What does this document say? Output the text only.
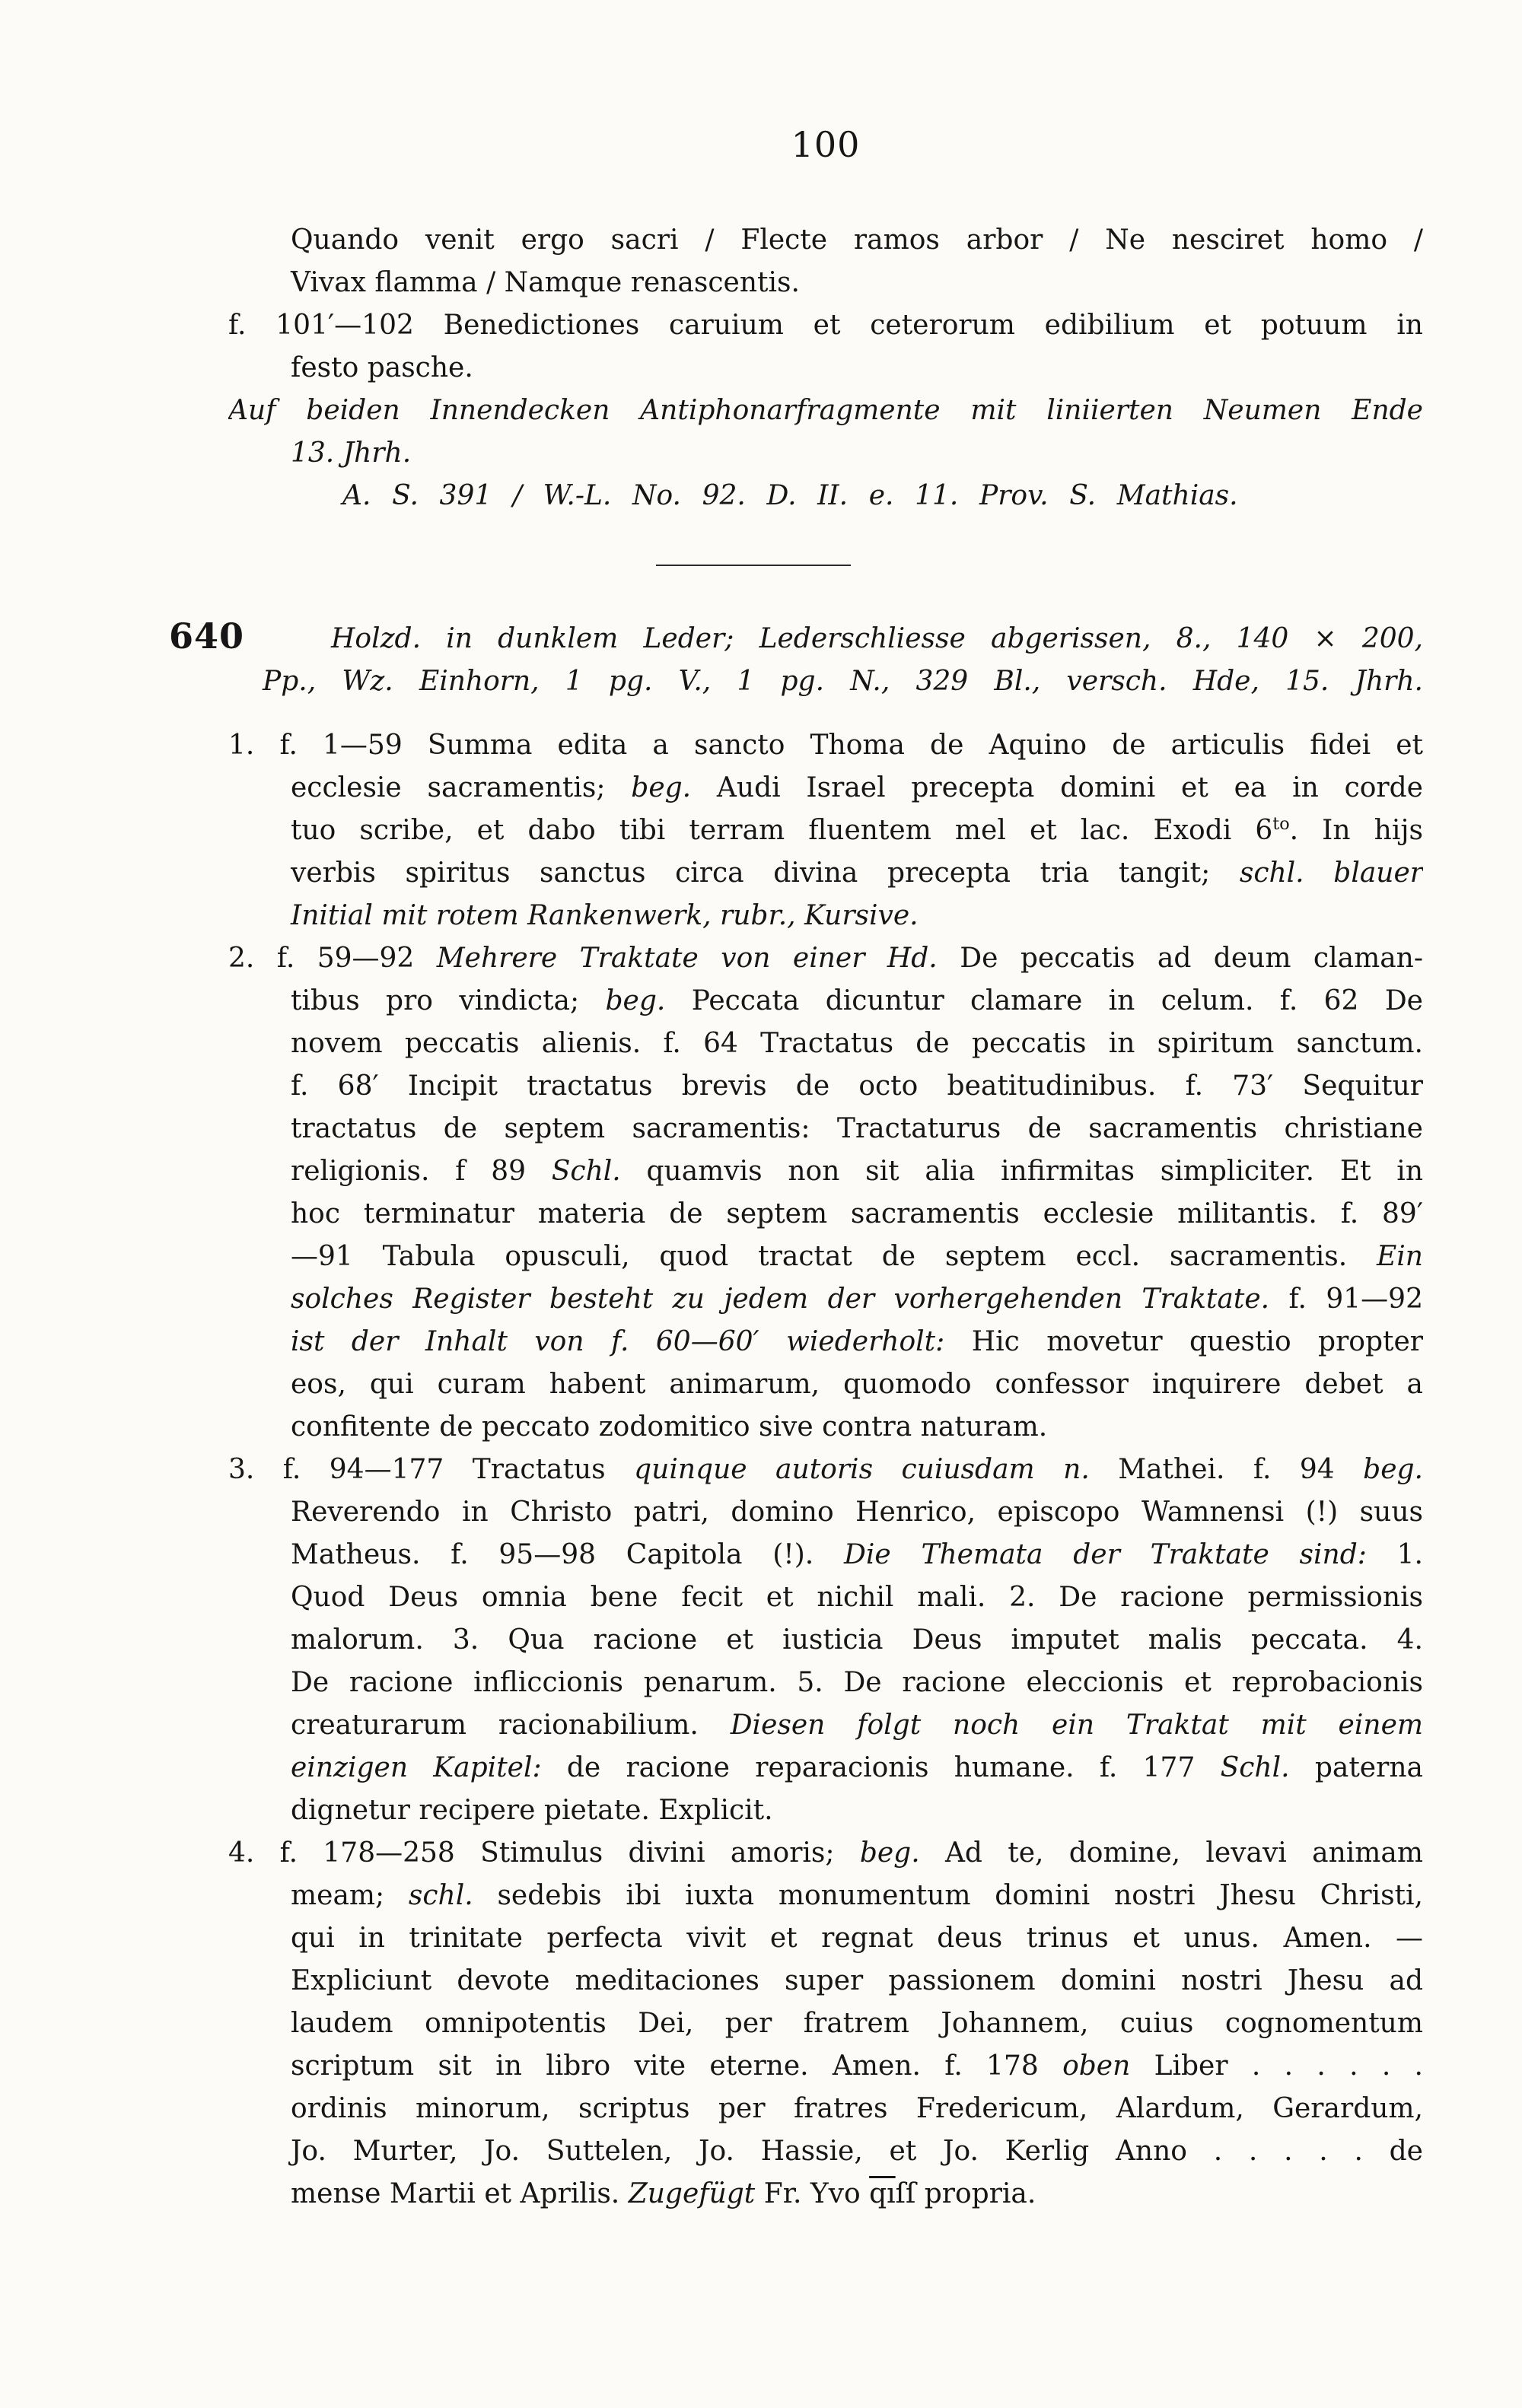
100
Quando venit ergo sacri / Flecte ramos arbor / Ne nesciret homo /
Vivax flamma / Namque renascentis.
f. 101′—102 Benedictiones caruium et ceterorum edibilium et potuum in
festo pasche.
Auf beiden Innendecken Antiphonarfragmente mit liniierten Neumen Ende
13. Jhrh.
A. S. 391 / W.-L. No. 92. D. II. e. 11. Prov. S. Mathias.
640	Holzd. in dunklem Leder; Lederschliesse abgerissen, 8., 140 × 200,
Pp., Wz. Einhorn, 1 pg. V., 1 pg. N., 329 Bl., versch. Hde, 15. Jhrh.
1. f. 1—59 Summa edita a sancto Thoma de Aquino de articulis fidei et
ecclesie sacramentis; beg. Audi Israel precepta domini et ea in corde
tuo scribe, et dabo tibi terram fluentem mel et lac. Exodi $6^{to}$. In hijs
verbis spiritus sanctus circa divina precepta tria tangit; schl. blauer
Initial mit rotem Rankenwerk, rubr., Kursive.
2. f. 59—92 Mehrere Traktate von einer Hd. De peccatis ad deum claman-
tibus pro vindicta; beg. Peccata dicuntur clamare in celum. f. 62 De
novem peccatis alienis. f. 64 Tractatus de peccatis in spiritum sanctum.
f. 68′ Incipit tractatus brevis de octo beatitudinibus. f. 73′ Sequitur
tractatus de septem sacramentis: Tractaturus de sacramentis christiane
religionis. f 89 Schl. quamvis non sit alia infirmitas simpliciter. Et in
hoc terminatur materia de septem sacramentis ecclesie militantis. f. 89′
—91 Tabula opusculi, quod tractat de septem eccl. sacramentis. Ein
solches Register besteht zu jedem der vorhergehenden Traktate. f. 91—92
ist der Inhalt von f. 60—60′ wiederholt: Hic movetur questio propter
eos, qui curam habent animarum, quomodo confessor inquirere debet a
confitente de peccato zodomitico sive contra naturam.
3. f. 94—177 Tractatus quinque autoris cuiusdam n. Mathei. f. 94 beg.
Reverendo in Christo patri, domino Henrico, episcopo Wamnensi (!) suus
Matheus. f. 95—98 Capitola (!). Die Themata der Traktate sind: 1.
Quod Deus omnia bene fecit et nichil mali. 2. De racione permissionis
malorum. 3. Qua racione et iusticia Deus imputet malis peccata. 4.
De racione infliccionis penarum. 5. De racione eleccionis et reprobacionis
creaturarum racionabilium. Diesen folgt noch ein Traktat mit einem
einzigen Kapitel: de racione reparacionis humane. f. 177 Schl. paterna
dignetur recipere pietate. Explicit.
4. f. 178—258 Stimulus divini amoris; beg. Ad te, domine, levavi animam
meam; schl. sedebis ibi iuxta monumentum domini nostri Jhesu Christi,
qui in trinitate perfecta vivit et regnat deus trinus et unus. Amen. —
Expliciunt devote meditaciones super passionem domini nostri Jhesu ad
laudem omnipotentis Dei, per fratrem Johannem, cuius cognomentum
scriptum sit in libro vite eterne. Amen. f. 178 oben Liber . . . . . .
ordinis minorum, scriptus per fratres Fredericum, Alardum, Gerardum,
Jo. Murter, Jo. Suttelen, Jo. Hassie, et Jo. Kerlig Anno . . . . . de
mense Martii et Aprilis. Zugefügt Fr. Yvo $\overline{qı}ſſ$ propria.
